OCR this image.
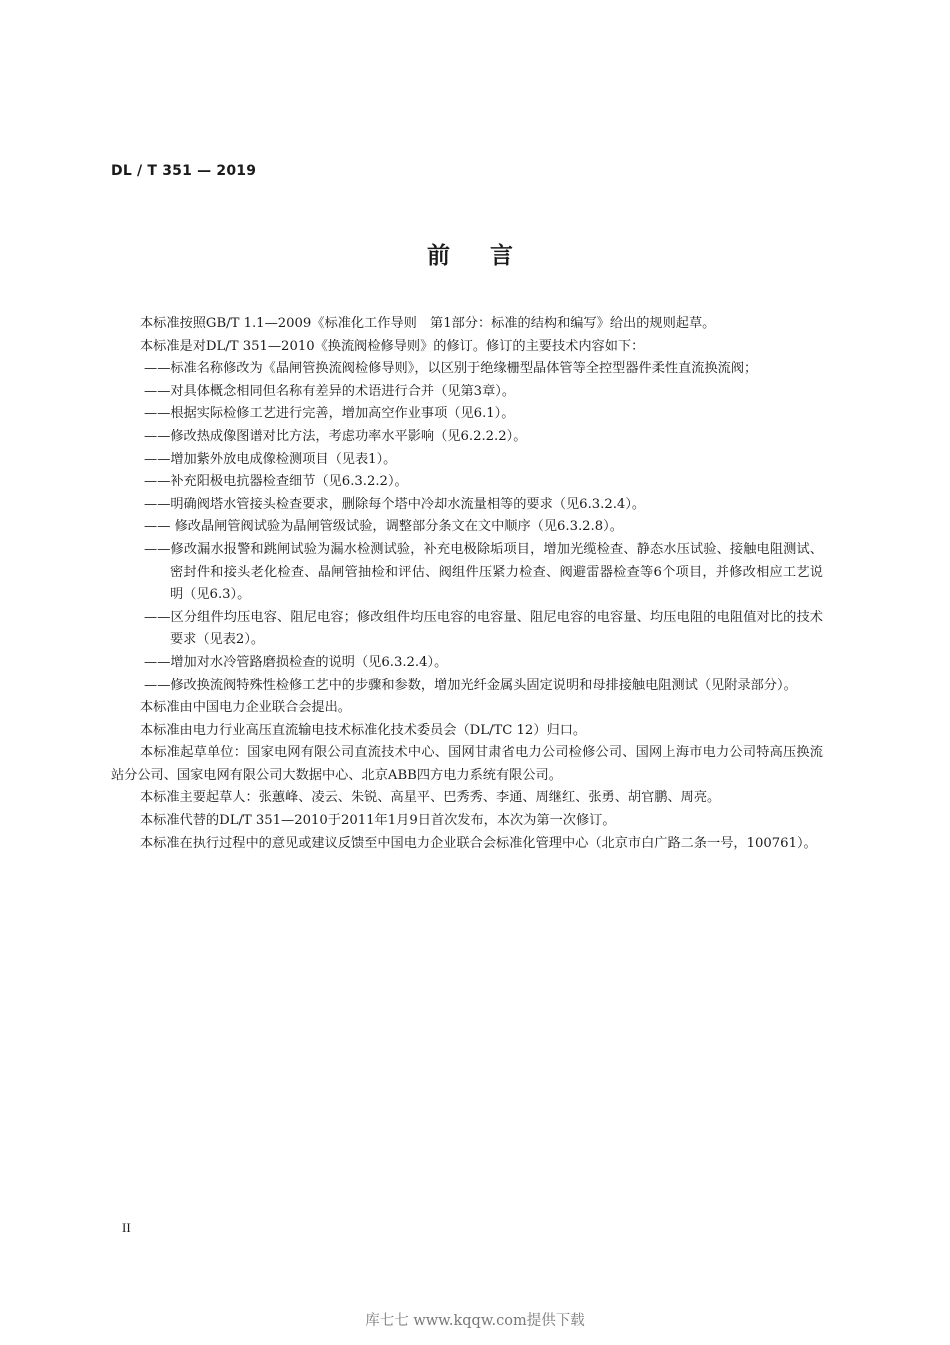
DL / T 351 — 2019
前言
本标准按照GB/T 1.1—2009《标准化工作导则　第1部分：标准的结构和编写》给出的规则起草。
本标准是对DL/T 351—2010《换流阀检修导则》的修订。修订的主要技术内容如下：
——标准名称修改为《晶闸管换流阀检修导则》，以区别于绝缘栅型晶体管等全控型器件柔性直流换流阀；
——对具体概念相同但名称有差异的术语进行合并（见第3章）。
——根据实际检修工艺进行完善，增加高空作业事项（见6.1）。
——修改热成像图谱对比方法，考虑功率水平影响（见6.2.2.2）。
——增加紫外放电成像检测项目（见表1）。
——补充阳极电抗器检查细节（见6.3.2.2）。
——明确阀塔水管接头检查要求，删除每个塔中冷却水流量相等的要求（见6.3.2.4）。
—— 修改晶闸管阀试验为晶闸管级试验，调整部分条文在文中顺序（见6.3.2.8）。
——修改漏水报警和跳闸试验为漏水检测试验，补充电极除垢项目，增加光缆检查、静态水压试验、接触电阻测试、密封件和接头老化检查、晶闸管抽检和评估、阀组件压紧力检查、阀避雷器检查等6个项目，并修改相应工艺说明（见6.3）。
——区分组件均压电容、阻尼电容；修改组件均压电容的电容量、阻尼电容的电容量、均压电阻的电阻值对比的技术要求（见表2）。
——增加对水冷管路磨损检查的说明（见6.3.2.4）。
——修改换流阀特殊性检修工艺中的步骤和参数，增加光纤金属头固定说明和母排接触电阻测试（见附录部分）。
本标准由中国电力企业联合会提出。
本标准由电力行业高压直流输电技术标准化技术委员会（DL/TC 12）归口。
本标准起草单位：国家电网有限公司直流技术中心、国网甘肃省电力公司检修公司、国网上海市电力公司特高压换流站分公司、国家电网有限公司大数据中心、北京ABB四方电力系统有限公司。
本标准主要起草人：张蕙峰、凌云、朱锐、高星平、巴秀秀、李通、周继红、张勇、胡官鹏、周亮。
本标准代替的DL/T 351—2010于2011年1月9日首次发布，本次为第一次修订。
本标准在执行过程中的意见或建议反馈至中国电力企业联合会标准化管理中心（北京市白广路二条一号，100761）。
II
库七七 www.kqqw.com提供下载
